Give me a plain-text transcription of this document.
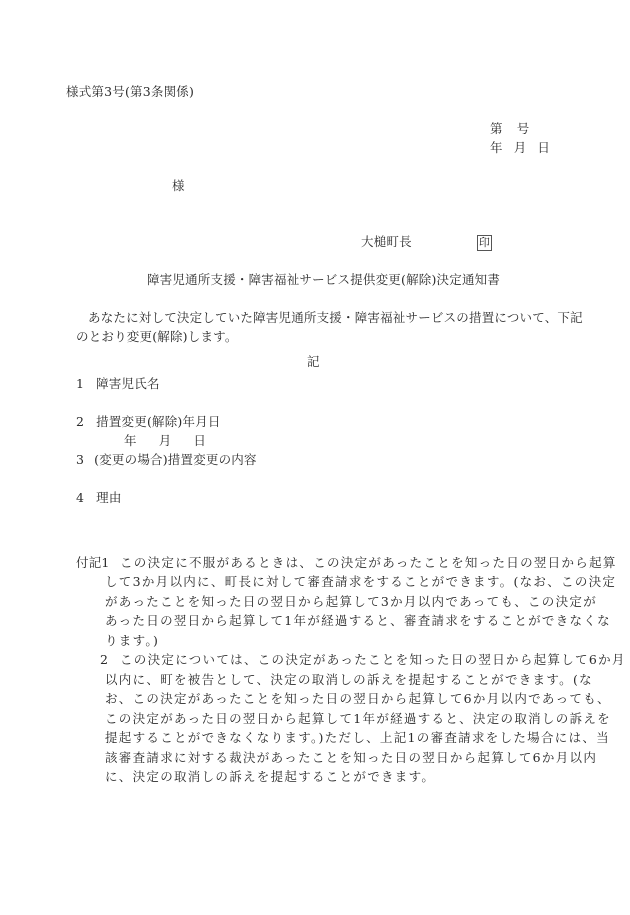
様式第3号(第3条関係)
第 号
年 月 日
様
大槌町長	印
障害児通所支援・障害福祉サービス提供変更(解除)決定通知書
あなたに対して決定していた障害児通所支援・障害福祉サービスの措置について、下記
のとおり変更(解除)します。
記
1 障害児氏名
2 措置変更(解除)年月日
年 月 日
3 (変更の場合)措置変更の内容
4 理由
付記1 この決定に不服があるときは、この決定があったことを知った日の翌日から起算
して3か月以内に、町長に対して審査請求をすることができます。(なお、この決定
があったことを知った日の翌日から起算して3か月以内であっても、この決定が
あった日の翌日から起算して1年が経過すると、審査請求をすることができなくな
ります。)
2 この決定については、この決定があったことを知った日の翌日から起算して6か月
以内に、町を被告として、決定の取消しの訴えを提起することができます。(な
お、この決定があったことを知った日の翌日から起算して6か月以内であっても、
この決定があった日の翌日から起算して1年が経過すると、決定の取消しの訴えを
提起することができなくなります。)ただし、上記1の審査請求をした場合には、当
該審査請求に対する裁決があったことを知った日の翌日から起算して6か月以内
に、決定の取消しの訴えを提起することができます。
